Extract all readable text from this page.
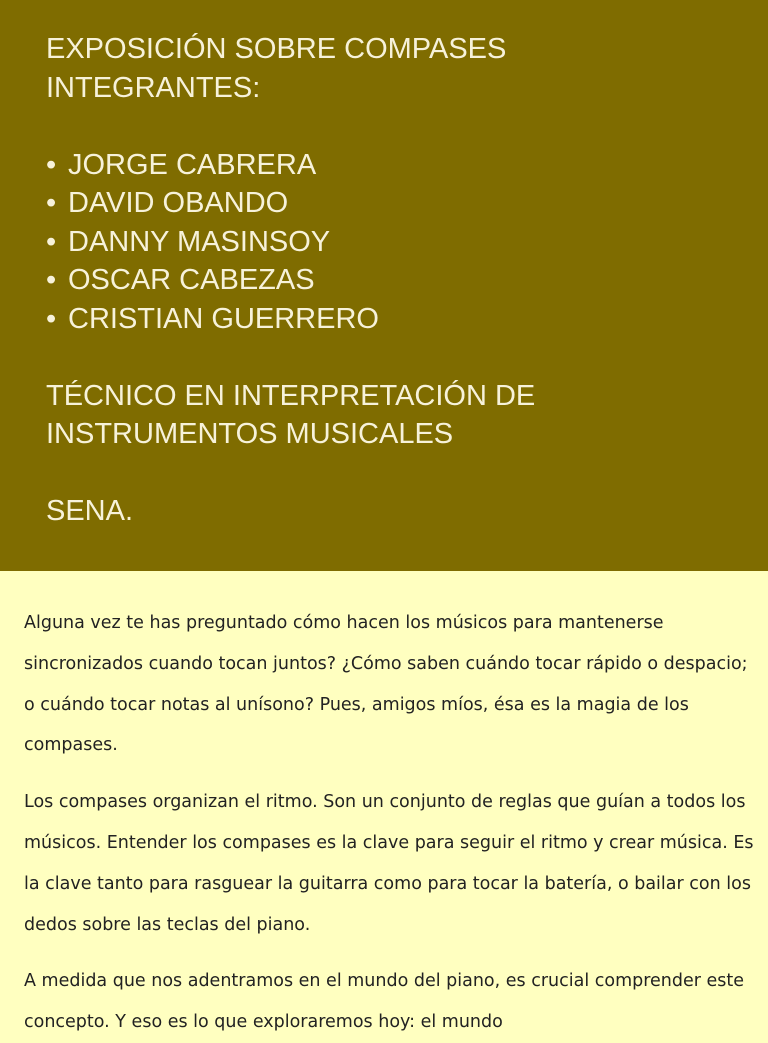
EXPOSICIÓN SOBRE COMPASES

INTEGRANTES:

• JORGE CABRERA
• DAVID OBANDO
• DANNY MASINSOY
• OSCAR CABEZAS
• CRISTIAN GUERRERO

TÉCNICO EN INTERPRETACIÓN DE

INSTRUMENTOS MUSICALES

SENA.

Alguna vez te has preguntado cómo hacen los músicos para mantenerse sincronizados cuando tocan juntos? ¿Cómo saben cuándo tocar rápido o despacio; o cuándo tocar notas al unísono? Pues, amigos míos, ésa es la magia de los compases.

Los compases organizan el ritmo. Son un conjunto de reglas que guían a todos los músicos. Entender los compases es la clave para seguir el ritmo y crear música. Es la clave tanto para rasguear la guitarra como para tocar la batería, o bailar con los dedos sobre las teclas del piano.

A medida que nos adentramos en el mundo del piano, es crucial comprender este concepto. Y eso es lo que exploraremos hoy: el mundo
